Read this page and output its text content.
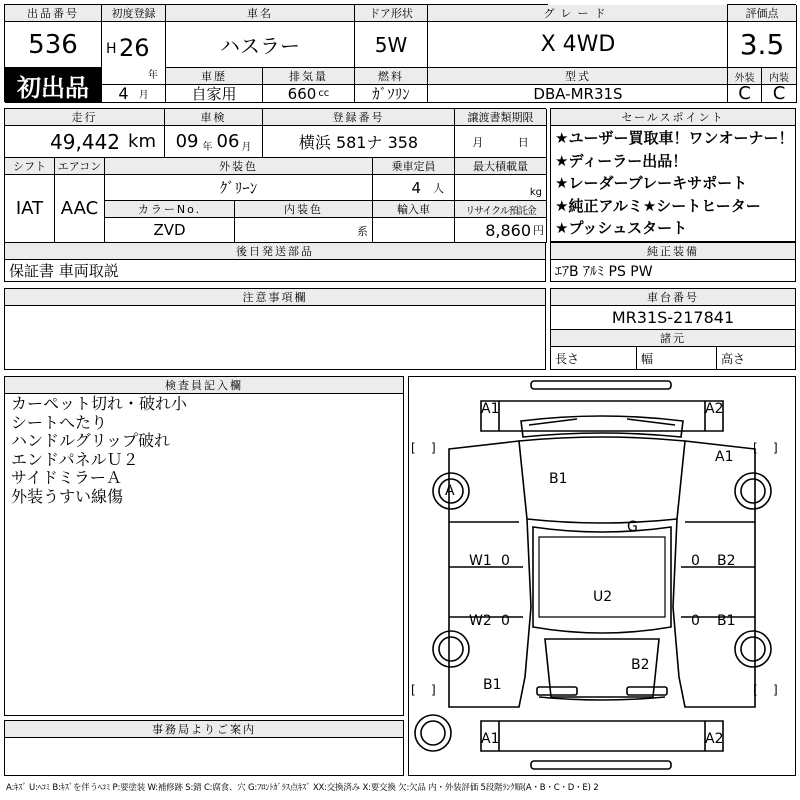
出品番号
536
初出品
初度登録
H 26
年
4 月
車名
ハスラー
ドア形状
5W
グレード
X 4WD
車歴
自家用
排気量
660 cc
燃料
ｶﾞｿﾘﾝ
型式
DBA-MR31S
評価点
3.5
外装	内装
C	C
走行
49,442 km
車検
09 年 06 月
登録番号
横浜 581ナ 358
譲渡書類期限
月	日
シフト
IAT
エアコン
AAC
外装色
ｸﾞﾘｰﾝ
乗車定員
4 人
最大積載量
kg
カラーNo.
ZVD
内装色
系
輸入車	リサイクル預託金
8,860 円
セールスポイント
★ユーザー買取車！ワンオーナー！
★ディーラー出品！
★レーダーブレーキサポート
★純正アルミ★シートヒーター
★プッシュスタート
後日発送部品
保証書 車両取説
純正装備
ｴｱB ｱﾙﾐ PS PW
注意事項欄	車台番号
MR31S-217841
諸元
長さ	幅	高さ
検査員記入欄
カーペット切れ・破れ小
シートへたり
ハンドルグリップ破れ
エンドパネルＵ２
サイドミラーＡ
外装うすい線傷
事務局よりご案内
A1	A2
A1
A
B1
G
W1 0	0 B2
U2
W2 0	0 B1
B2
B1
A1	A2
[    ]	[    ]
[    ]	[    ]
A:ｷｽﾞ U:ﾍｺﾐ B:ｷｽﾞを伴うﾍｺﾐ P:要塗装 W:補修跡 S:錆 C:腐食、穴 G:ﾌﾛﾝﾄｶﾞﾗｽ点ｷｽﾞ XX:交換済み X:要交換 欠:欠品 内・外装評価 5段階ﾗﾝｸ順(A・B・C・D・E) 2
